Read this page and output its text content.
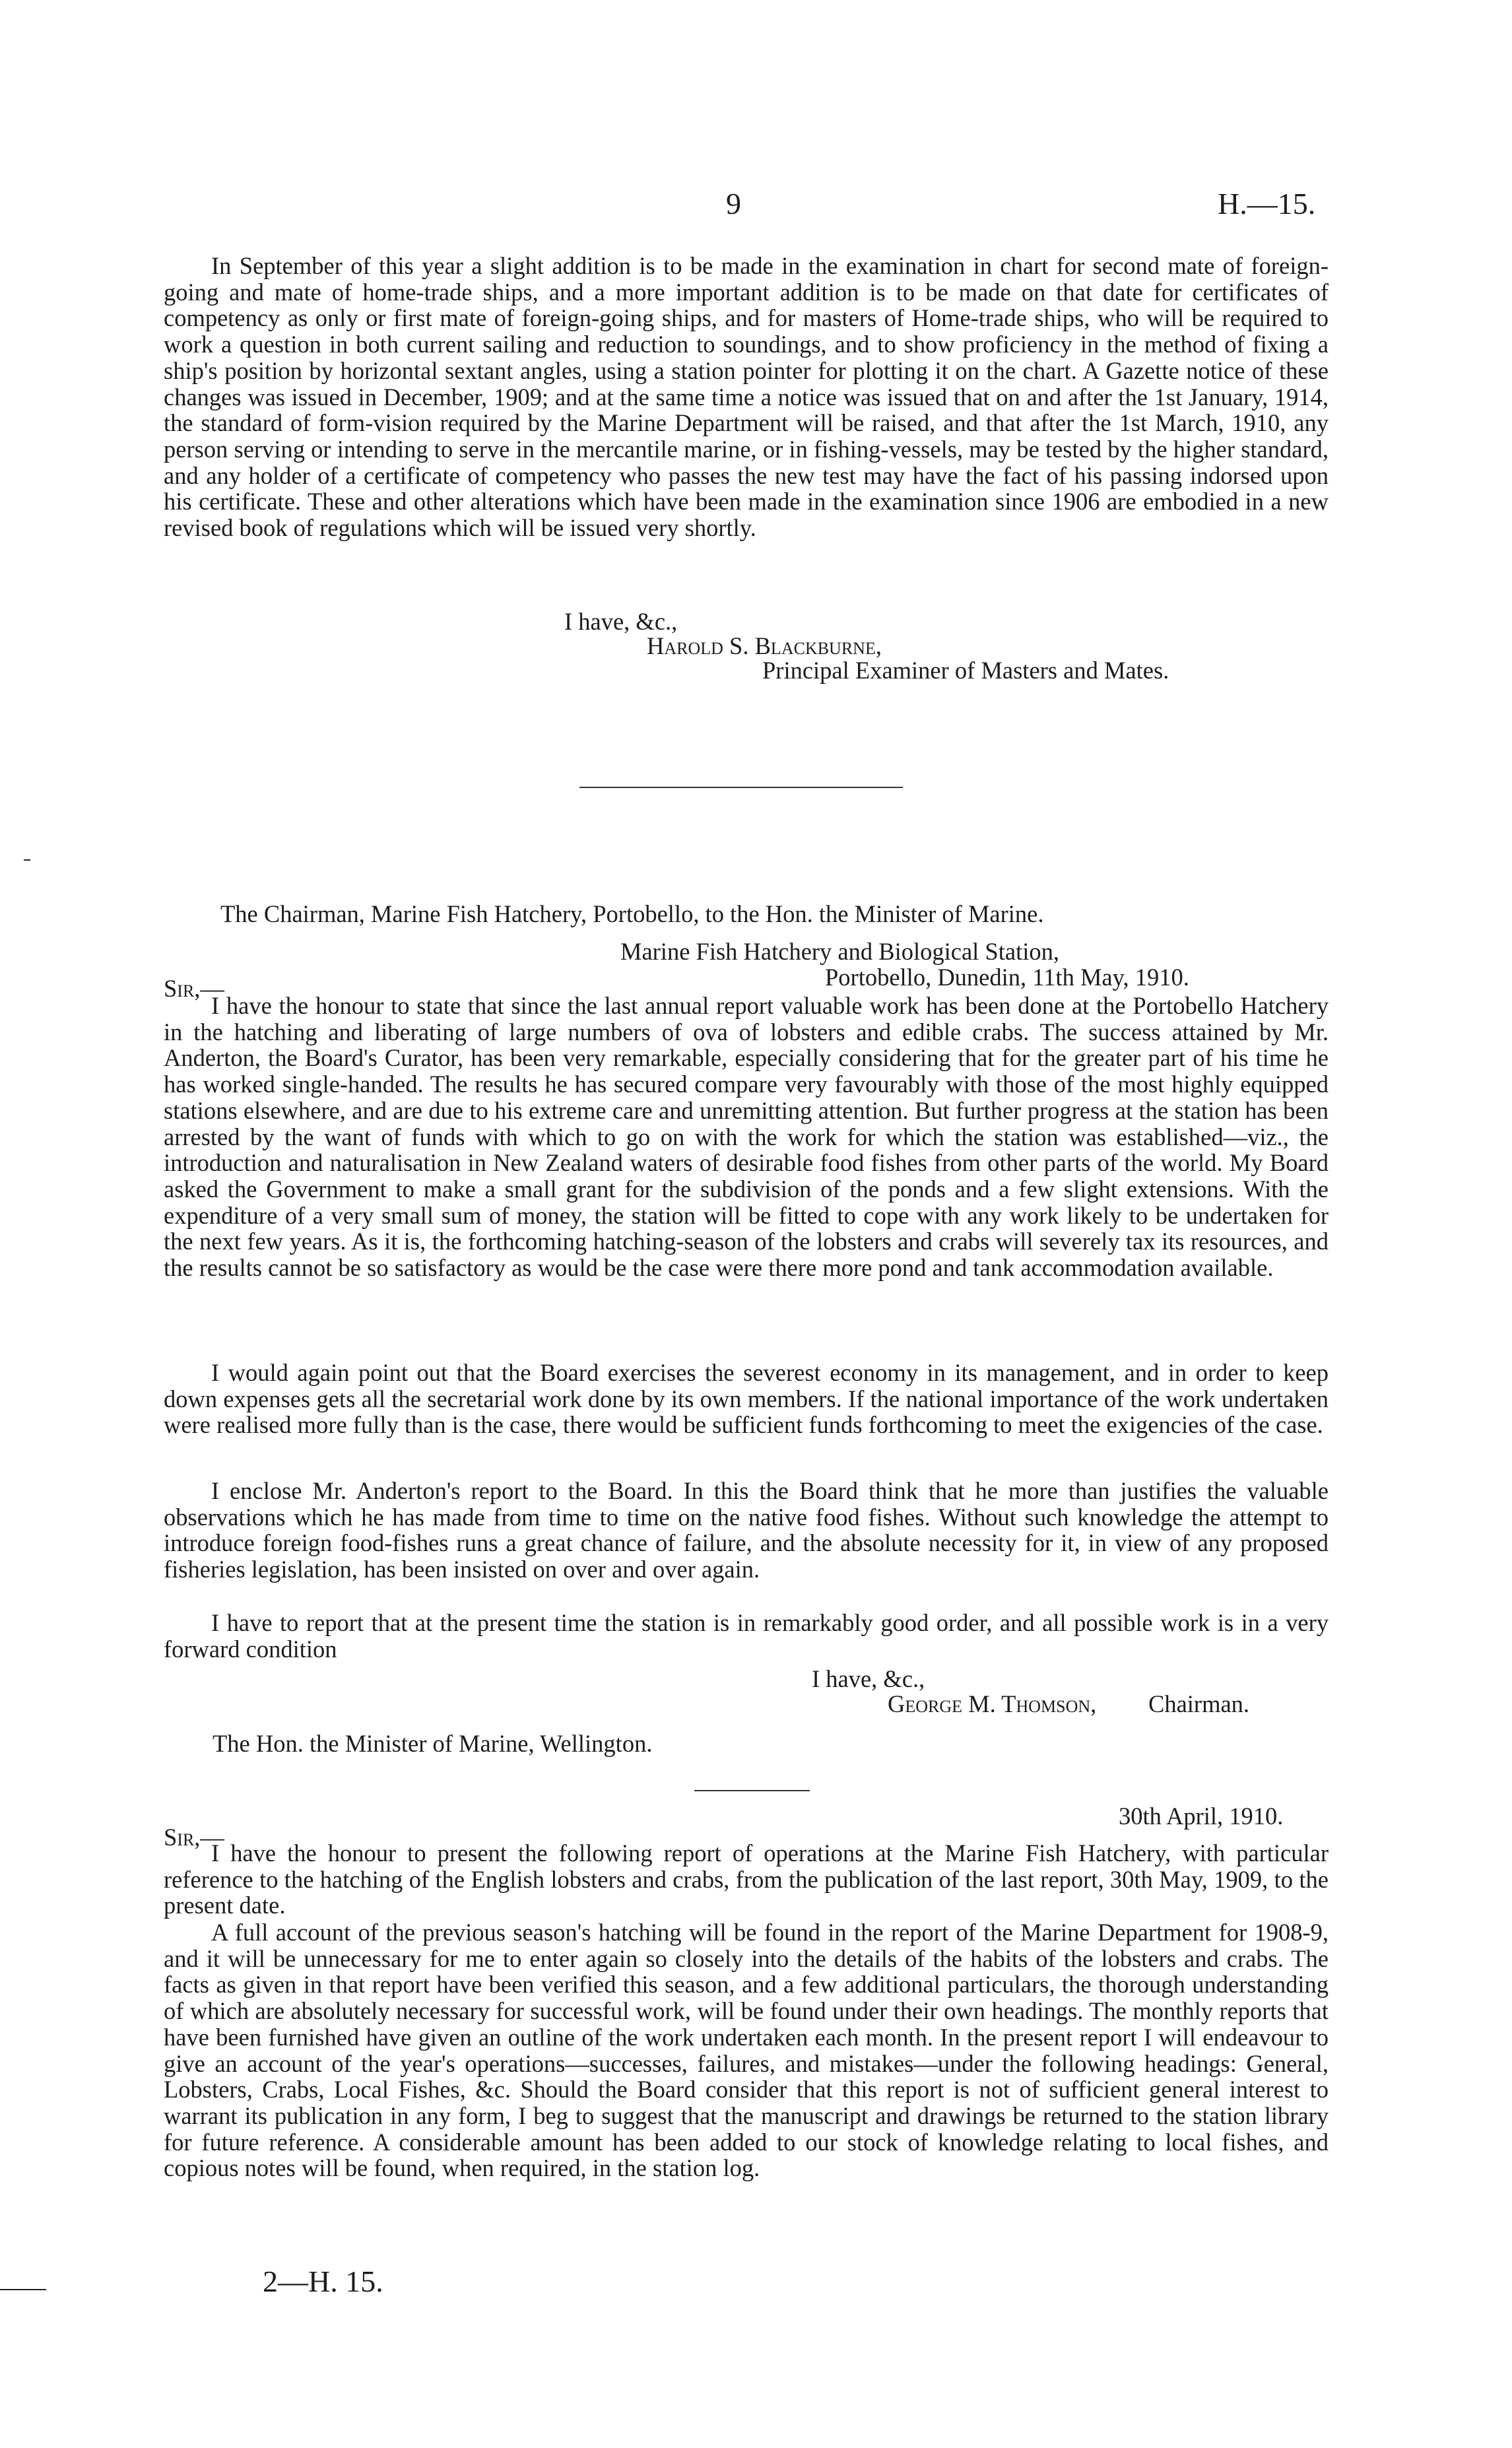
9	H.—15.

In September of this year a slight addition is to be made in the examination in chart for second mate of foreign-going and mate of home-trade ships, and a more important addition is to be made on that date for certificates of competency as only or first mate of foreign-going ships, and for masters of Home-trade ships, who will be required to work a question in both current sailing and reduction to soundings, and to show proficiency in the method of fixing a ship's position by horizontal sextant angles, using a station pointer for plotting it on the chart. A Gazette notice of these changes was issued in December, 1909; and at the same time a notice was issued that on and after the 1st January, 1914, the standard of form-vision required by the Marine Department will be raised, and that after the 1st March, 1910, any person serving or intending to serve in the mercantile marine, or in fishing-vessels, may be tested by the higher standard, and any holder of a certificate of competency who passes the new test may have the fact of his passing indorsed upon his certificate. These and other alterations which have been made in the examination since 1906 are embodied in a new revised book of regulations which will be issued very shortly.

I have, &c.,
Harold S. Blackburne,
Principal Examiner of Masters and Mates.
The Chairman, Marine Fish Hatchery, Portobello, to the Hon. the Minister of Marine.
Marine Fish Hatchery and Biological Station,
Portobello, Dunedin, 11th May, 1910.
Sir,—

I have the honour to state that since the last annual report valuable work has been done at the Portobello Hatchery in the hatching and liberating of large numbers of ova of lobsters and edible crabs. The success attained by Mr. Anderton, the Board's Curator, has been very remarkable, especially considering that for the greater part of his time he has worked single-handed. The results he has secured compare very favourably with those of the most highly equipped stations elsewhere, and are due to his extreme care and unremitting attention. But further progress at the station has been arrested by the want of funds with which to go on with the work for which the station was established—viz., the introduction and naturalisation in New Zealand waters of desirable food fishes from other parts of the world. My Board asked the Government to make a small grant for the subdivision of the ponds and a few slight extensions. With the expenditure of a very small sum of money, the station will be fitted to cope with any work likely to be undertaken for the next few years. As it is, the forthcoming hatching-season of the lobsters and crabs will severely tax its resources, and the results cannot be so satisfactory as would be the case were there more pond and tank accommodation available.

I would again point out that the Board exercises the severest economy in its management, and in order to keep down expenses gets all the secretarial work done by its own members. If the national importance of the work undertaken were realised more fully than is the case, there would be sufficient funds forthcoming to meet the exigencies of the case.

I enclose Mr. Anderton's report to the Board. In this the Board think that he more than justifies the valuable observations which he has made from time to time on the native food fishes. Without such knowledge the attempt to introduce foreign food-fishes runs a great chance of failure, and the absolute necessity for it, in view of any proposed fisheries legislation, has been insisted on over and over again.

I have to report that at the present time the station is in remarkably good order, and all possible work is in a very forward condition

I have, &c.,
George M. Thomson, Chairman.
The Hon. the Minister of Marine, Wellington.
30th April, 1910.
Sir,—

I have the honour to present the following report of operations at the Marine Fish Hatchery, with particular reference to the hatching of the English lobsters and crabs, from the publication of the last report, 30th May, 1909, to the present date.

A full account of the previous season's hatching will be found in the report of the Marine Department for 1908-9, and it will be unnecessary for me to enter again so closely into the details of the habits of the lobsters and crabs. The facts as given in that report have been verified this season, and a few additional particulars, the thorough understanding of which are absolutely necessary for successful work, will be found under their own headings. The monthly reports that have been furnished have given an outline of the work undertaken each month. In the present report I will endeavour to give an account of the year's operations—successes, failures, and mistakes—under the following headings: General, Lobsters, Crabs, Local Fishes, &c. Should the Board consider that this report is not of sufficient general interest to warrant its publication in any form, I beg to suggest that the manuscript and drawings be returned to the station library for future reference. A considerable amount has been added to our stock of knowledge relating to local fishes, and copious notes will be found, when required, in the station log.

2—H. 15.
